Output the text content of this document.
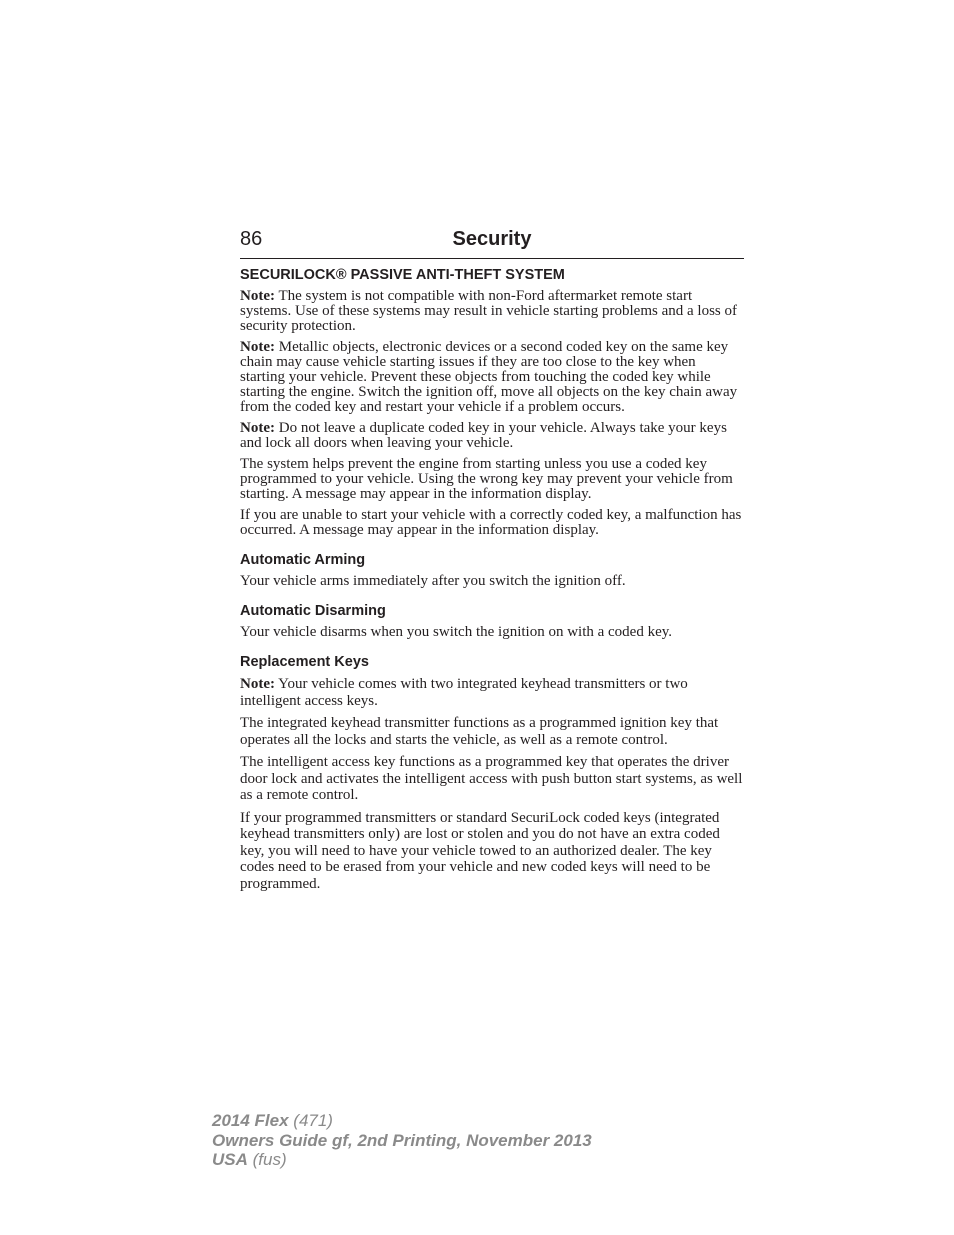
86	Security
SECURILOCK® PASSIVE ANTI-THEFT SYSTEM

Note: The system is not compatible with non-Ford aftermarket remote start systems. Use of these systems may result in vehicle starting problems and a loss of security protection.

Note: Metallic objects, electronic devices or a second coded key on the same key chain may cause vehicle starting issues if they are too close to the key when starting your vehicle. Prevent these objects from touching the coded key while starting the engine. Switch the ignition off, move all objects on the key chain away from the coded key and restart your vehicle if a problem occurs.

Note: Do not leave a duplicate coded key in your vehicle. Always take your keys and lock all doors when leaving your vehicle.

The system helps prevent the engine from starting unless you use a coded key programmed to your vehicle. Using the wrong key may prevent your vehicle from starting. A message may appear in the information display.

If you are unable to start your vehicle with a correctly coded key, a malfunction has occurred. A message may appear in the information display.

Automatic Arming

Your vehicle arms immediately after you switch the ignition off.

Automatic Disarming

Your vehicle disarms when you switch the ignition on with a coded key.

Replacement Keys

Note: Your vehicle comes with two integrated keyhead transmitters or two intelligent access keys.

The integrated keyhead transmitter functions as a programmed ignition key that operates all the locks and starts the vehicle, as well as a remote control.

The intelligent access key functions as a programmed key that operates the driver door lock and activates the intelligent access with push button start systems, as well as a remote control.

If your programmed transmitters or standard SecuriLock coded keys (integrated keyhead transmitters only) are lost or stolen and you do not have an extra coded key, you will need to have your vehicle towed to an authorized dealer. The key codes need to be erased from your vehicle and new coded keys will need to be programmed.

2014 Flex (471)
Owners Guide gf, 2nd Printing, November 2013
USA (fus)
